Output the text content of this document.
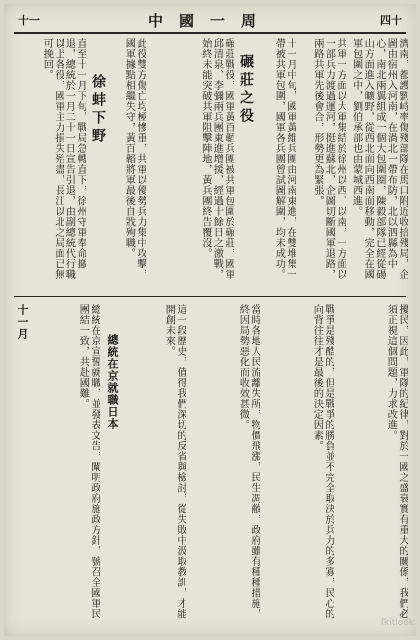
十一	中國一周	四十
濟南，都護劉峙率傷殘部隊在馬口附近收拾殘局，企圖由宿州入河南，在渦北一帶布防，北以泗縣為中心，南北兩翼組成一個大包圍圈，陳毅部隊已經從碭山方面進入曠野，從西北面向西南面移動，完全在國軍包圍之中，劉伯承部也由蒙城西進。
共軍一方面以大軍集結於徐州以西、以南，一方面以一部兵力渡過運河，挺進蘇北，企圖切斷國軍退路，兩路共軍先後會合，形勢更為緊張。
十一月中旬，國軍黃維兵團由河南東進，在雙堆集一帶被共軍包圍，國軍各兵團曾試圖解圍，均未成功。
碾莊之役
碾莊戰役，國軍黃百韜兵團被共軍包圍於碾莊，國軍邱清泉、李彌兩兵團東進增援，經過十餘日之激戰，始終未能突破共軍阻擊陣地，黃兵團終告覆沒。
此役雙方傷亡均極慘重，共軍以優勢兵力集中攻擊，國軍據點相繼失守，黃百韜將軍最後自戕殉職。
徐蚌下野
直至十一月下旬，戰局急轉直下，徐州守軍奉命撤退，總統於一月二十一日宣告引退，由副總統代行職
以上各役，國軍主力損失殆盡，長江以北之局面已無可挽回。
擾民，因此，軍隊的紀律，對於一國之盛衰實有重大的關係，我們必須正視這個問題，力求改進。
戰爭是殘酷的，但是戰爭的勝負並不完全取決於兵力的多寡，民心的向背往往才是最後的決定因素。
當時各地人民流離失所，物價飛漲，民生凋敝，政府雖有種種措施，終因局勢惡化而收效甚微。
這一段歷史，值得我們深切的反省與檢討，從失敗中汲取教訓，才能開創未來。
總統在京就職日本
十一月	總統在京宣誓就職，並發表文告，闡明政府施政方針，號召全國軍民團結一致，共赴國難。
fkitlook
